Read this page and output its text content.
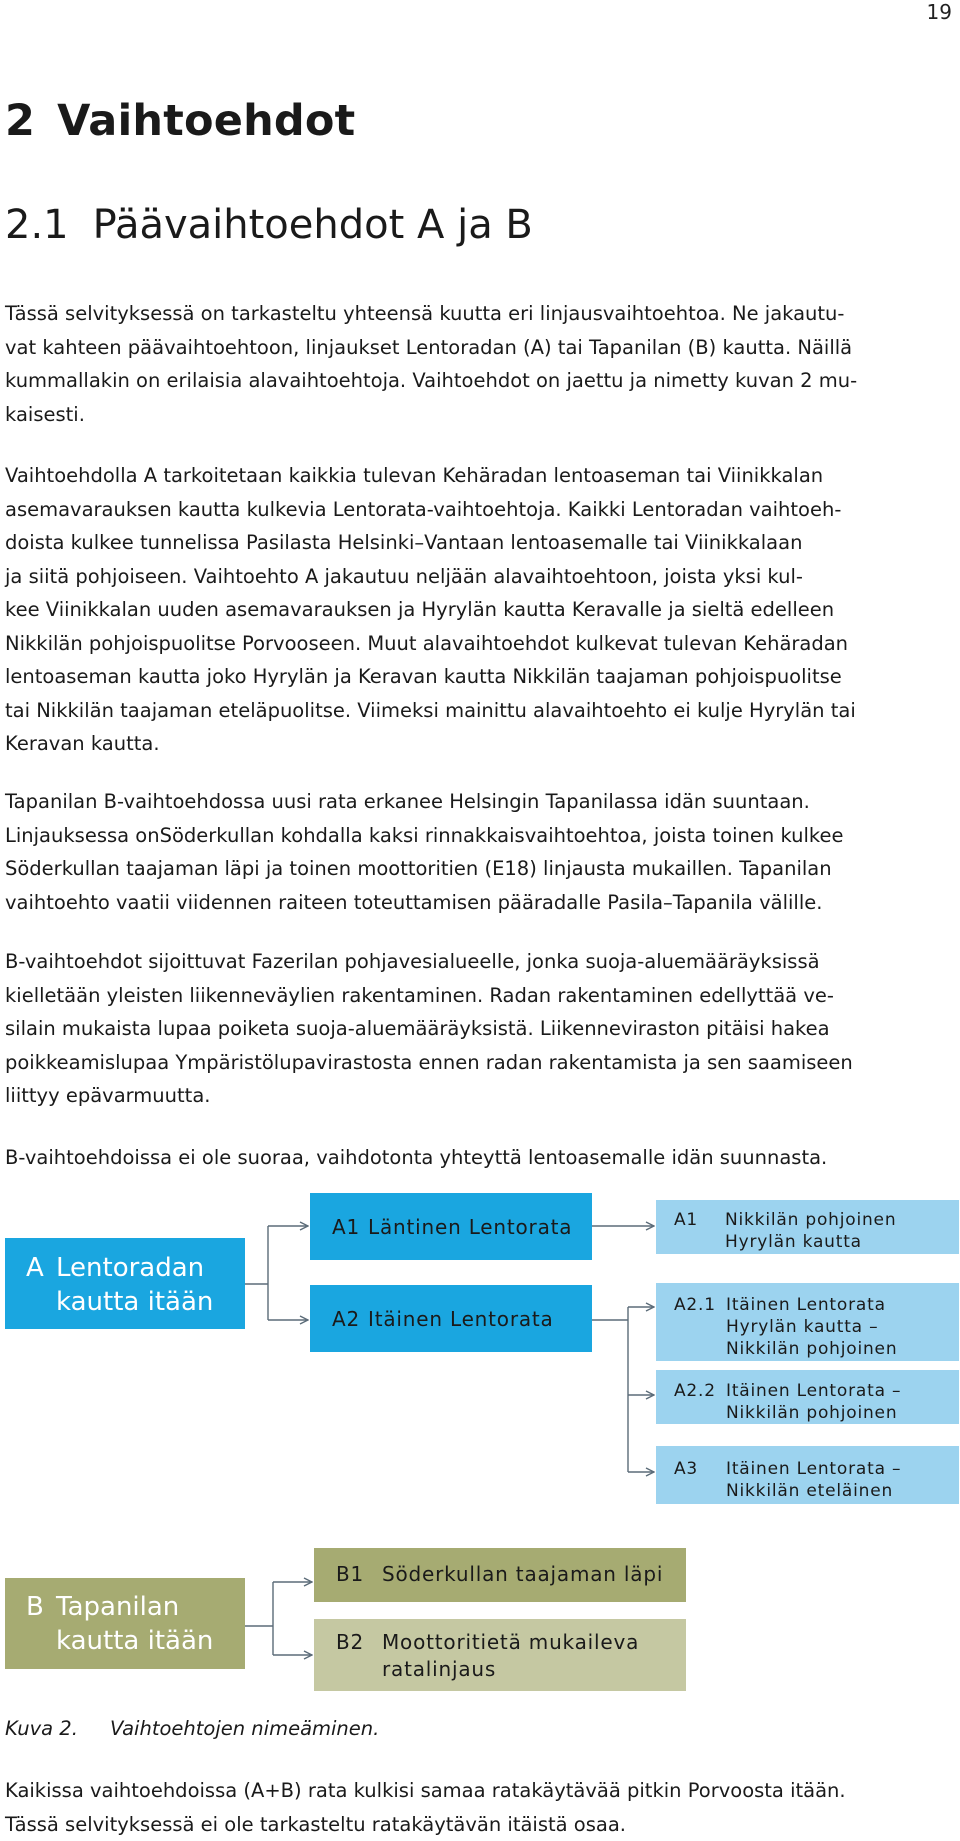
19
2 Vaihtoehdot
2.1 Päävaihtoehdot A ja B
Tässä selvityksessä on tarkasteltu yhteensä kuutta eri linjausvaihtoehtoa. Ne jakautu-
vat kahteen päävaihtoehtoon, linjaukset Lentoradan (A) tai Tapanilan (B) kautta. Näillä
kummallakin on erilaisia alavaihtoehtoja. Vaihtoehdot on jaettu ja nimetty kuvan 2 mu-
kaisesti.
Vaihtoehdolla A tarkoitetaan kaikkia tulevan Kehäradan lentoaseman tai Viinikkalan
asemavarauksen kautta kulkevia Lentorata-vaihtoehtoja. Kaikki Lentoradan vaihtoeh-
doista kulkee tunnelissa Pasilasta Helsinki–Vantaan lentoasemalle tai Viinikkalaan
ja siitä pohjoiseen. Vaihtoehto A jakautuu neljään alavaihtoehtoon, joista yksi kul-
kee Viinikkalan uuden asemavarauksen ja Hyrylän kautta Keravalle ja sieltä edelleen
Nikkilän pohjoispuolitse Porvooseen. Muut alavaihtoehdot kulkevat tulevan Kehäradan
lentoaseman kautta joko Hyrylän ja Keravan kautta Nikkilän taajaman pohjoispuolitse
tai Nikkilän taajaman eteläpuolitse. Viimeksi mainittu alavaihtoehto ei kulje Hyrylän tai
Keravan kautta.
Tapanilan B-vaihtoehdossa uusi rata erkanee Helsingin Tapanilassa idän suuntaan.
Linjauksessa onSöderkullan kohdalla kaksi rinnakkaisvaihtoehtoa, joista toinen kulkee
Söderkullan taajaman läpi ja toinen moottoritien (E18) linjausta mukaillen. Tapanilan
vaihtoehto vaatii viidennen raiteen toteuttamisen pääradalle Pasila–Tapanila välille.
B-vaihtoehdot sijoittuvat Fazerilan pohjavesialueelle, jonka suoja-aluemääräyksissä
kielletään yleisten liikenneväylien rakentaminen. Radan rakentaminen edellyttää ve-
silain mukaista lupaa poiketa suoja-aluemääräyksistä. Liikenneviraston pitäisi hakea
poikkeamislupaa Ympäristölupavirastosta ennen radan rakentamista ja sen saamiseen
liittyy epävarmuutta.
B-vaihtoehdoissa ei ole suoraa, vaihdotonta yhteyttä lentoasemalle idän suunnasta.
A Lentoradan
kautta itään
A1 Läntinen Lentorata
A2 Itäinen Lentorata
A1 Nikkilän pohjoinen
Hyrylän kautta
A2.1 Itäinen Lentorata
Hyrylän kautta –
Nikkilän pohjoinen
A2.2 Itäinen Lentorata –
Nikkilän pohjoinen
A3 Itäinen Lentorata –
Nikkilän eteläinen
B Tapanilan
kautta itään
B1 Söderkullan taajaman läpi
B2 Moottoritietä mukaileva
ratalinjaus
Kuva 2. Vaihtoehtojen nimeäminen.
Kaikissa vaihtoehdoissa (A+B) rata kulkisi samaa ratakäytävää pitkin Porvoosta itään.
Tässä selvityksessä ei ole tarkasteltu ratakäytävän itäistä osaa.
